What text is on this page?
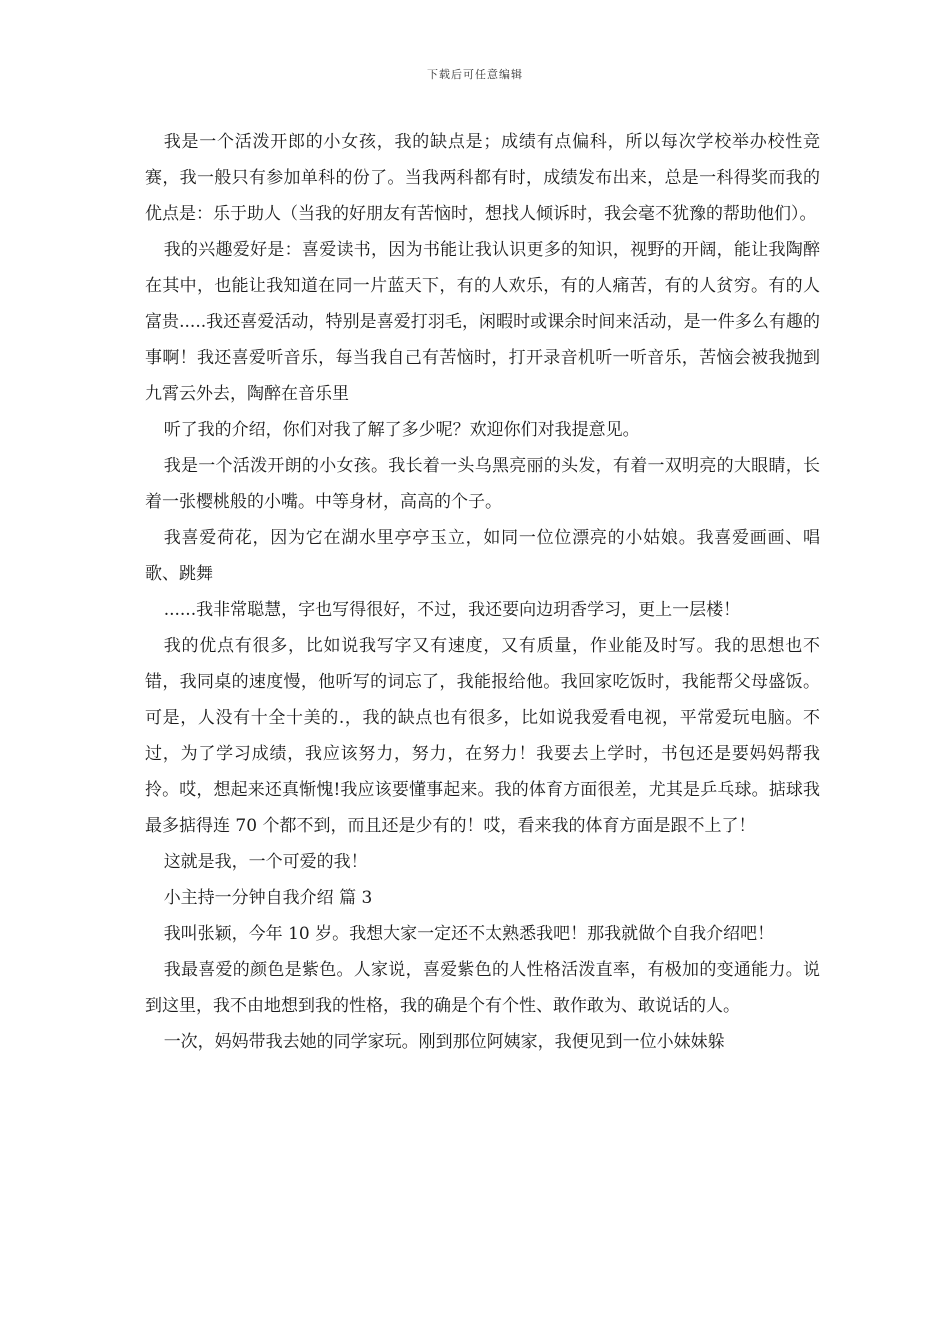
下载后可任意编辑

我是一个活泼开郎的小女孩，我的缺点是；成绩有点偏科，所以每次学校举办校性竞赛，我一般只有参加单科的份了。当我两科都有时，成绩发布出来，总是一科得奖而我的优点是：乐于助人（当我的好朋友有苦恼时，想找人倾诉时，我会毫不犹豫的帮助他们）。

我的兴趣爱好是：喜爱读书，因为书能让我认识更多的知识，视野的开阔，能让我陶醉在其中，也能让我知道在同一片蓝天下，有的人欢乐，有的人痛苦，有的人贫穷。有的人富贵.....我还喜爱活动，特别是喜爱打羽毛，闲暇时或课余时间来活动，是一件多么有趣的事啊！我还喜爱听音乐，每当我自己有苦恼时，打开录音机听一听音乐，苦恼会被我抛到九霄云外去，陶醉在音乐里

听了我的介绍，你们对我了解了多少呢？欢迎你们对我提意见。

我是一个活泼开朗的小女孩。我长着一头乌黑亮丽的头发，有着一双明亮的大眼睛，长着一张樱桃般的小嘴。中等身材，高高的个子。

我喜爱荷花，因为它在湖水里亭亭玉立，如同一位位漂亮的小姑娘。我喜爱画画、唱歌、跳舞

......我非常聪慧，字也写得很好，不过，我还要向边玥香学习，更上一层楼！

我的优点有很多，比如说我写字又有速度，又有质量，作业能及时写。我的思想也不错，我同桌的速度慢，他听写的词忘了，我能报给他。我回家吃饭时，我能帮父母盛饭。可是，人没有十全十美的.，我的缺点也有很多，比如说我爱看电视，平常爱玩电脑。不过，为了学习成绩，我应该努力，努力，在努力！我要去上学时，书包还是要妈妈帮我拎。哎，想起来还真惭愧!我应该要懂事起来。我的体育方面很差，尤其是乒乓球。掂球我最多掂得连 70 个都不到，而且还是少有的！哎，看来我的体育方面是跟不上了！

这就是我，一个可爱的我！

小主持一分钟自我介绍 篇 3

我叫张颖，今年 10 岁。我想大家一定还不太熟悉我吧！那我就做个自我介绍吧！

我最喜爱的颜色是紫色。人家说，喜爱紫色的人性格活泼直率，有极加的变通能力。说到这里，我不由地想到我的性格，我的确是个有个性、敢作敢为、敢说话的人。

一次，妈妈带我去她的同学家玩。刚到那位阿姨家，我便见到一位小妹妹躲
